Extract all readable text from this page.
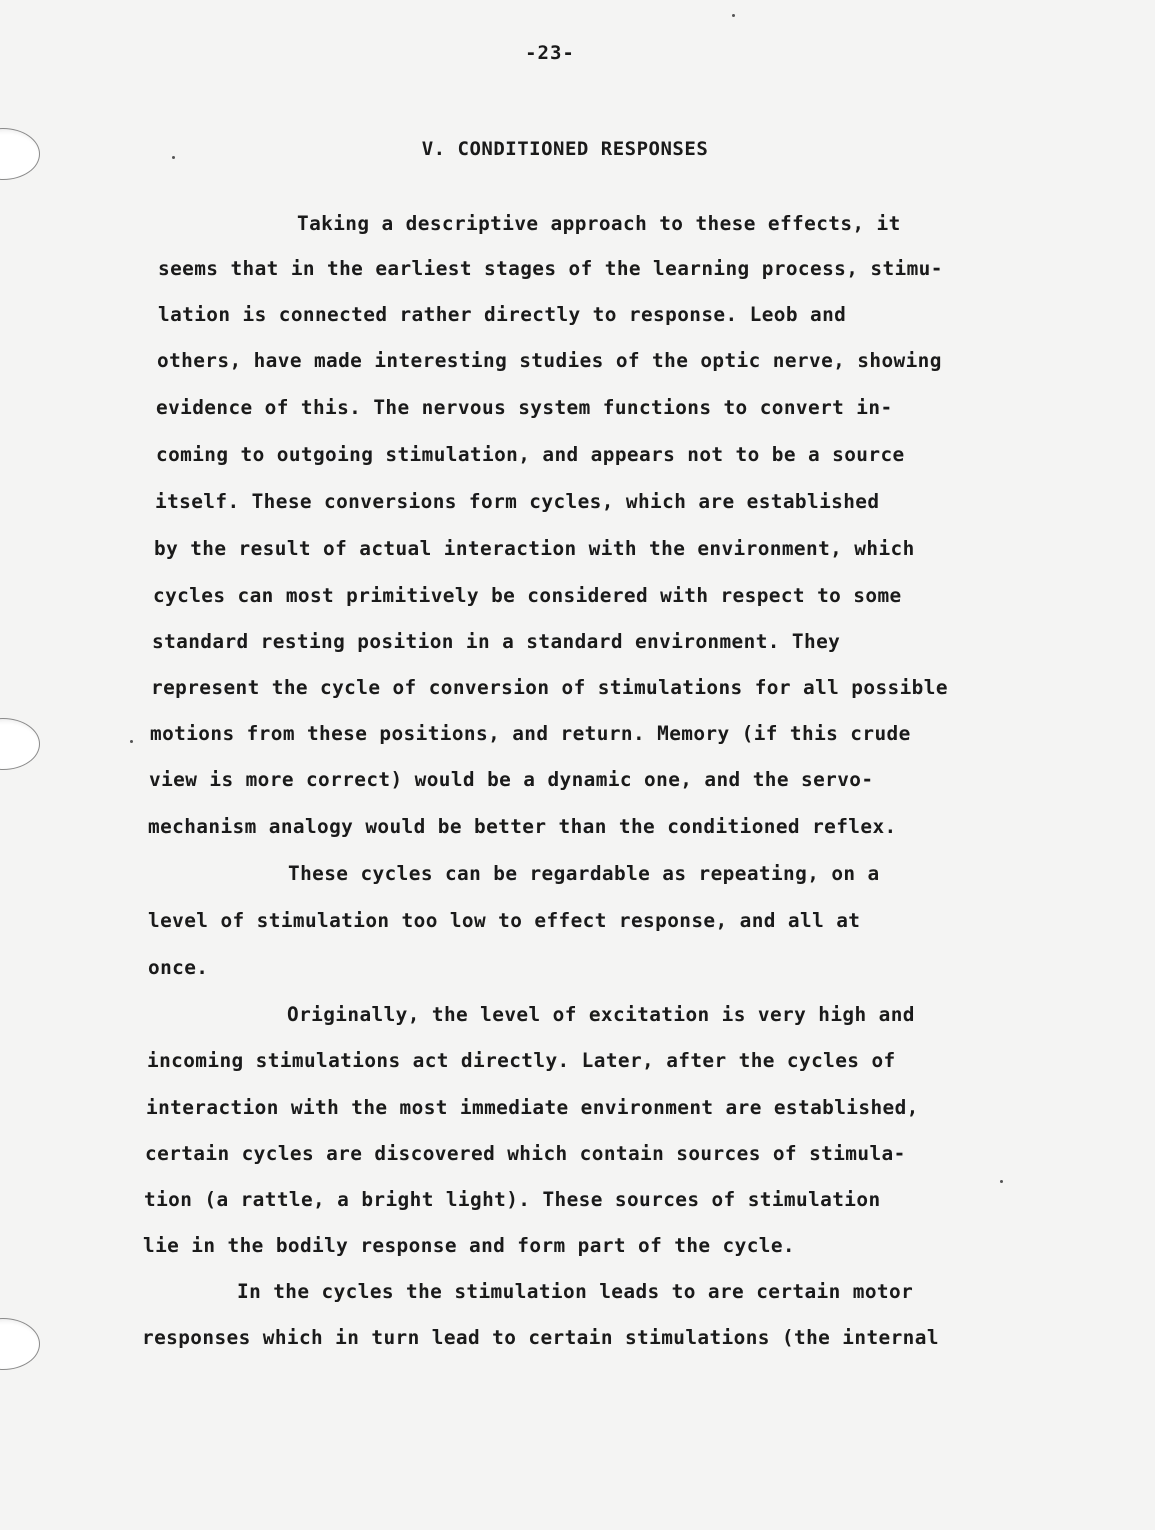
-23-
V. CONDITIONED RESPONSES
Taking a descriptive approach to these effects, it
seems that in the earliest stages of the learning process, stimu-
lation is connected rather directly to response. Leob and
others, have made interesting studies of the optic nerve, showing
evidence of this. The nervous system functions to convert in-
coming to outgoing stimulation, and appears not to be a source
itself. These conversions form cycles, which are established
by the result of actual interaction with the environment, which
cycles can most primitively be considered with respect to some
standard resting position in a standard environment. They
represent the cycle of conversion of stimulations for all possible
motions from these positions, and return. Memory (if this crude
view is more correct) would be a dynamic one, and the servo-
mechanism analogy would be better than the conditioned reflex.
These cycles can be regardable as repeating, on a
level of stimulation too low to effect response, and all at
once.
Originally, the level of excitation is very high and
incoming stimulations act directly. Later, after the cycles of
interaction with the most immediate environment are established,
certain cycles are discovered which contain sources of stimula-
tion (a rattle, a bright light). These sources of stimulation
lie in the bodily response and form part of the cycle.
In the cycles the stimulation leads to are certain motor
responses which in turn lead to certain stimulations (the internal
